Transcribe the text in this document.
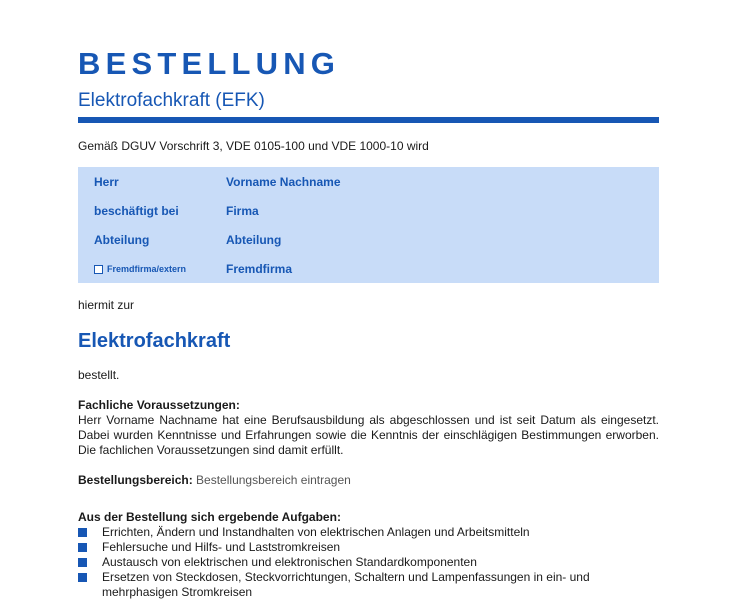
BESTELLUNG
Elektrofachkraft (EFK)
Gemäß DGUV Vorschrift 3, VDE 0105-100 und VDE 1000-10 wird
Herr	Vorname Nachname
beschäftigt bei	Firma
Abteilung	Abteilung
Fremdfirma/extern	Fremdfirma
hiermit zur
Elektrofachkraft
bestellt.
Fachliche Voraussetzungen:
Herr Vorname Nachname hat eine Berufsausbildung als abgeschlossen und ist seit Datum als eingesetzt. Dabei wurden Kenntnisse und Erfahrungen sowie die Kenntnis der einschlägigen Bestimmungen erworben. Die fachlichen Voraussetzungen sind damit erfüllt.
Bestellungsbereich: Bestellungsbereich eintragen
Aus der Bestellung sich ergebende Aufgaben:
Errichten, Ändern und Instandhalten von elektrischen Anlagen und Arbeitsmitteln
Fehlersuche und Hilfs- und Laststromkreisen
Austausch von elektrischen und elektronischen Standardkomponenten
Ersetzen von Steckdosen, Steckvorrichtungen, Schaltern und Lampenfassungen in ein- und mehrphasigen Stromkreisen
